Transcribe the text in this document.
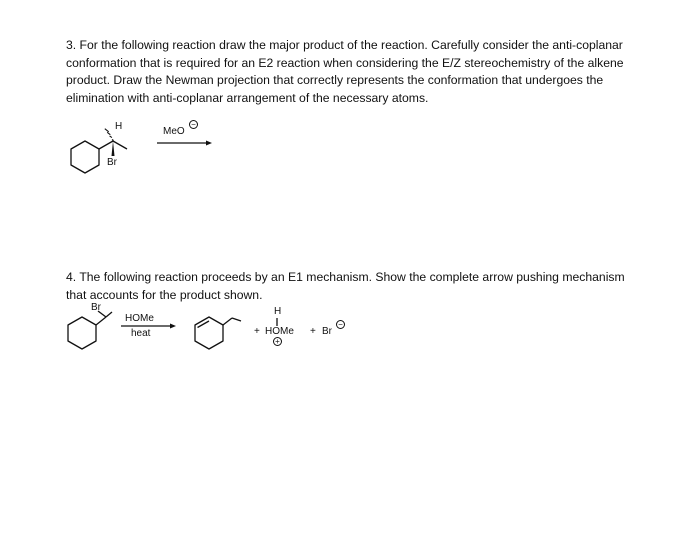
3. For the following reaction draw the major product of the reaction. Carefully consider the anti-coplanar conformation that is required for an E2 reaction when considering the E/Z stereochemistry of the alkene product. Draw the Newman projection that correctly represents the conformation that undergoes the elimination with anti-coplanar arrangement of the necessary atoms.

H
Br
MeO
−

4. The following reaction proceeds by an E1 mechanism. Show the complete arrow pushing mechanism that accounts for the product shown.

Br
HOMe
heat	+
H
HOMe
+
+ Br
−
